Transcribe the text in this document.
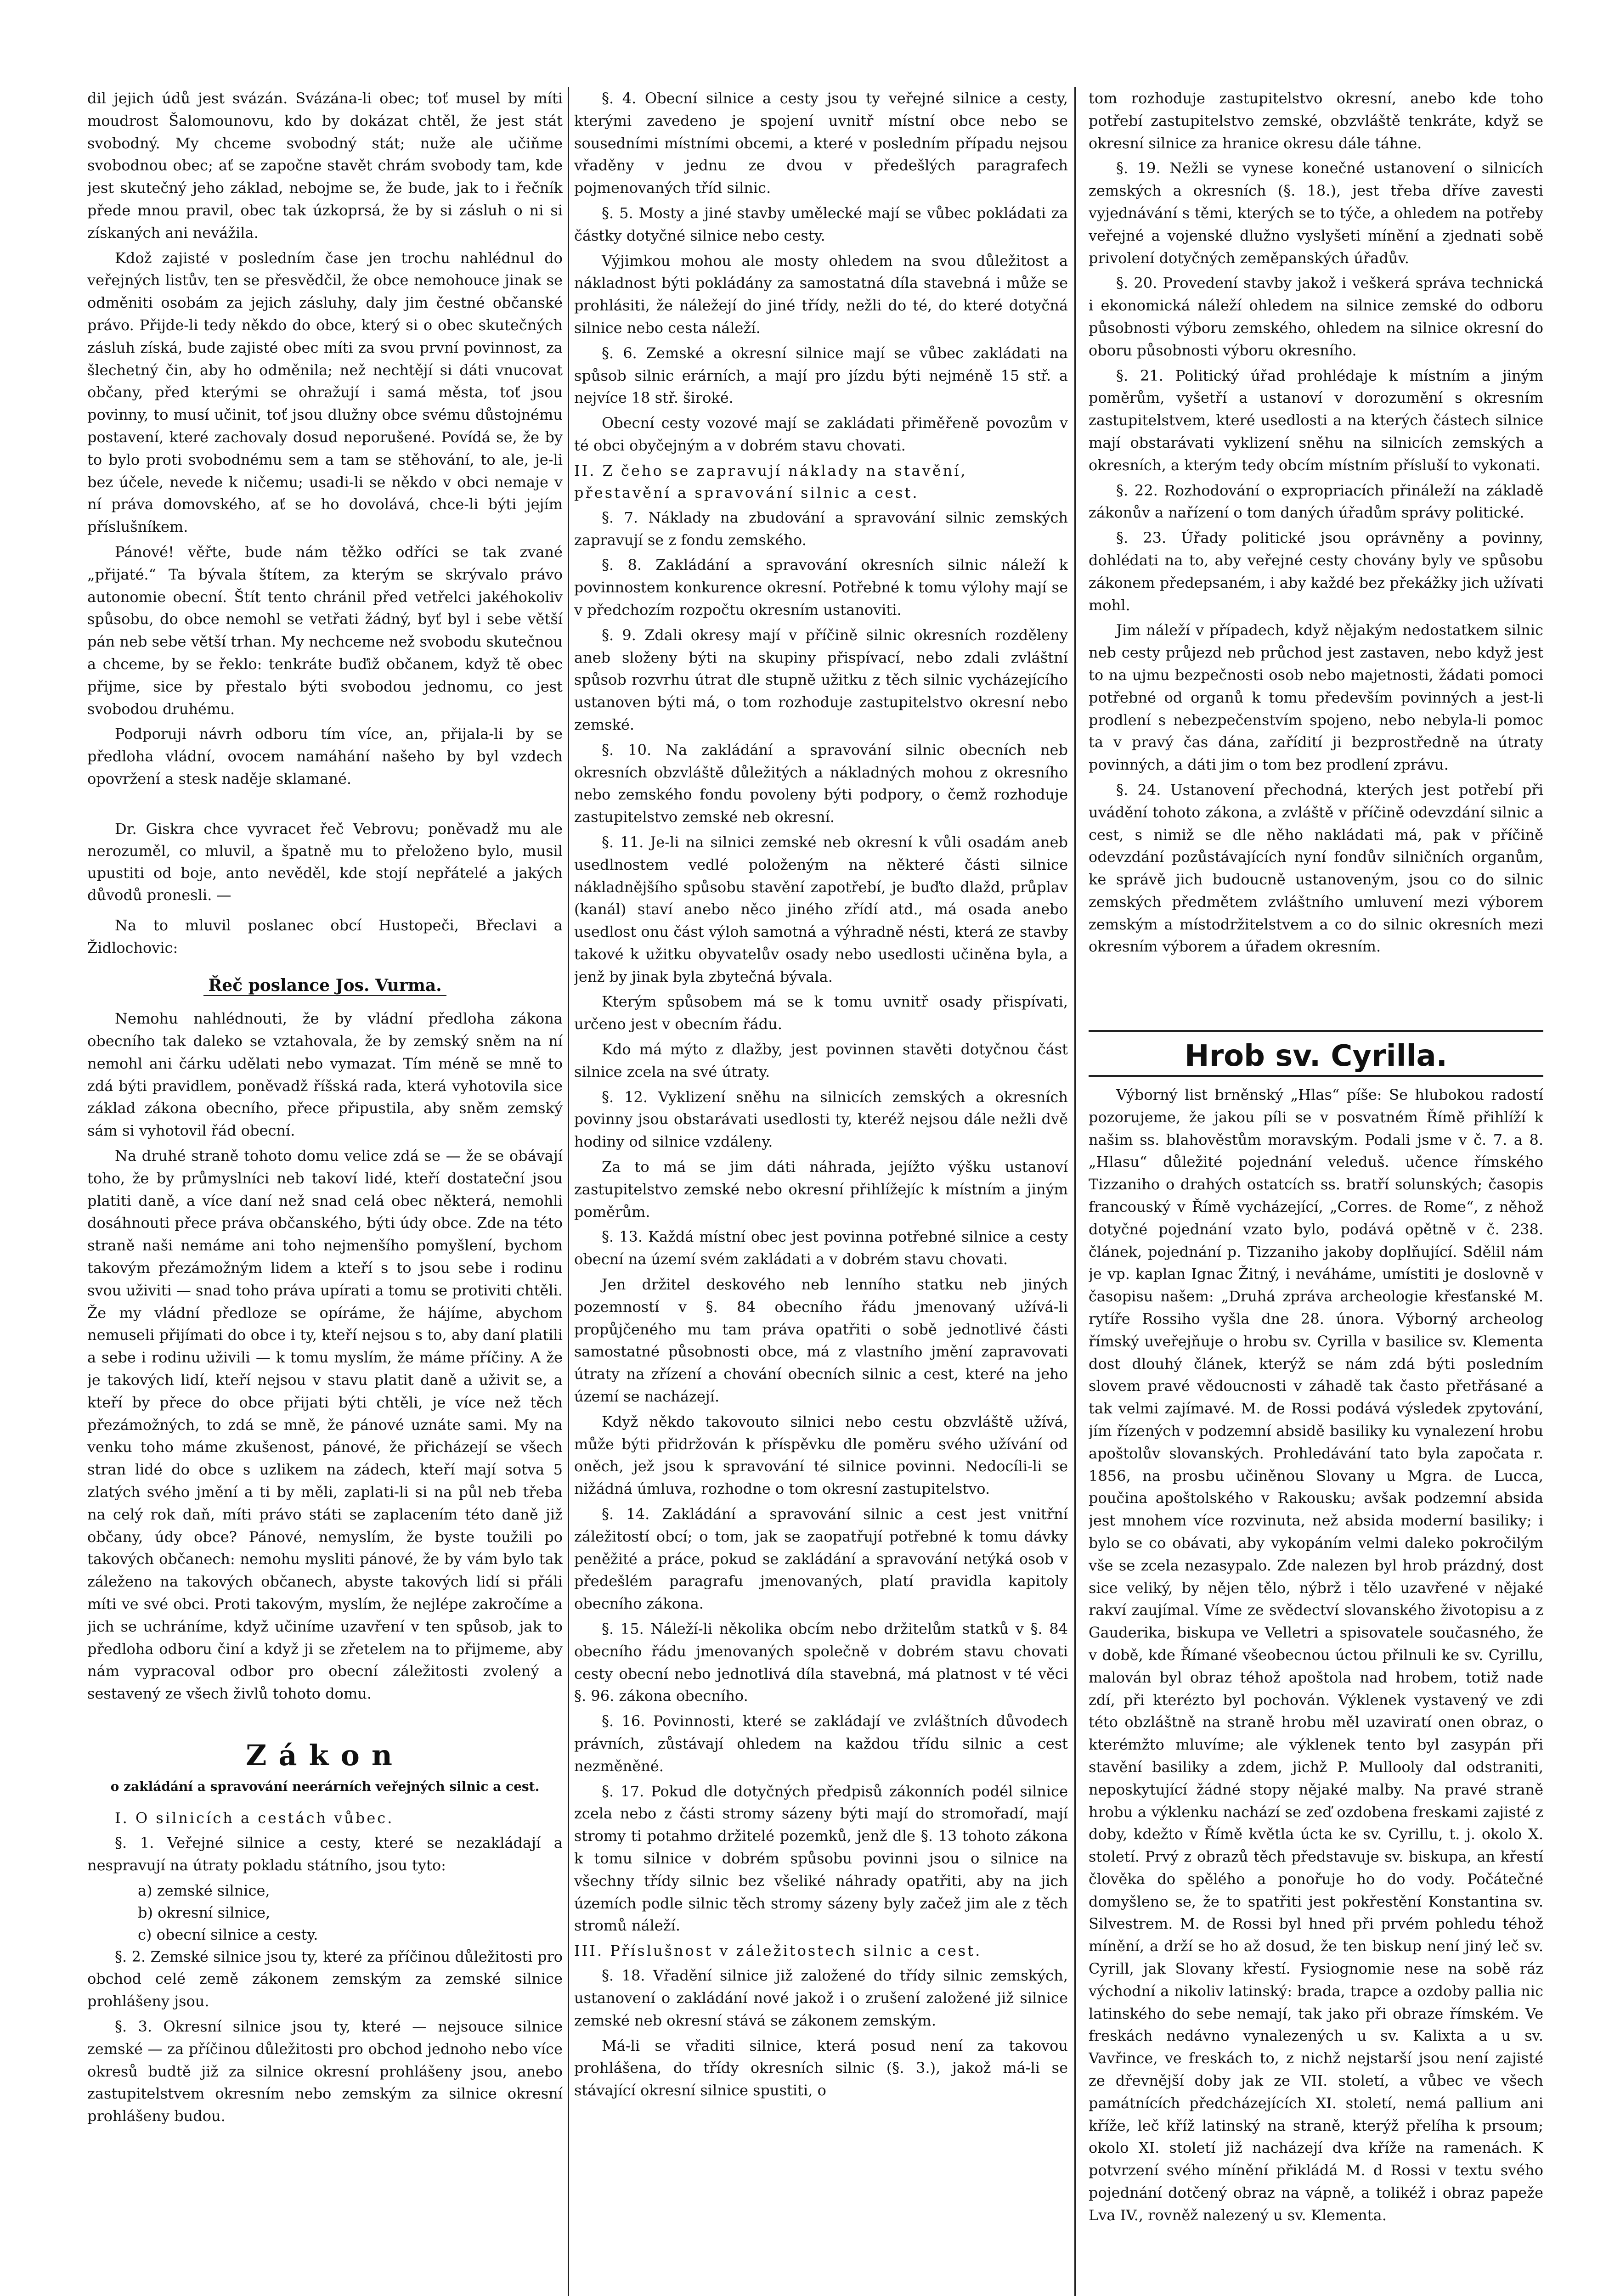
dil jejich údů jest svázán. Svázána-li obec; toť musel by míti moudrost Šalomounovu, kdo by dokázat chtěl, že jest stát svobodný. My chceme svobodný stát; nuže ale učiňme svobodnou obec; ať se započne stavět chrám svobody tam, kde jest skutečný jeho základ, nebojme se, že bude, jak to i řečník přede mnou pravil, obec tak úzkoprsá, že by si zásluh o ni si získaných ani nevážila.

Kdož zajisté v posledním čase jen trochu nahlédnul do veřejných listův, ten se přesvědčil, že obce nemohouce jinak se odměniti osobám za jejich zásluhy, daly jim čestné občanské právo. Přijde-li tedy někdo do obce, který si o obec skutečných zásluh získá, bude zajisté obec míti za svou první povinnost, za šlechetný čin, aby ho odměnila; než nechtějí si dáti vnucovat občany, před kterými se ohražují i samá města, toť jsou povinny, to musí učinit, toť jsou dlužny obce svému důstojnému postavení, které zachovaly dosud neporušené. Povídá se, že by to bylo proti svobodnému sem a tam se stěhování, to ale, je-li bez účele, nevede k ničemu; usadi-li se někdo v obci nemaje v ní práva domovského, ať se ho dovolává, chce-li býti jejím příslušníkem.

Pánové! věřte, bude nám těžko odříci se tak zvané „přijaté.“ Ta bývala štítem, za kterým se skrývalo právo autonomie obecní. Štít tento chránil před vetřelci jakéhokoliv spůsobu, do obce nemohl se vetřati žádný, byť byl i sebe větší pán neb sebe větší trhan. My nechceme než svobodu skutečnou a chceme, by se řeklo: tenkráte buďiž občanem, když tě obec přijme, sice by přestalo býti svobodou jednomu, co jest svobodou druhému.

Podporuji návrh odboru tím více, an, přijala-li by se předloha vládní, ovocem namáhání našeho by byl vzdech opovržení a stesk naděje sklamané.

Dr. Giskra chce vyvracet řeč Vebrovu; poněvadž mu ale nerozuměl, co mluvil, a špatně mu to přeloženo bylo, musil upustiti od boje, anto nevěděl, kde stojí nepřátelé a jakých důvodů pronesli. —

Na to mluvil poslanec obcí Hustopeči, Břeclavi a Židlochovic:

Řeč poslance Jos. Vurma.

Nemohu nahlédnouti, že by vládní předloha zákona obecního tak daleko se vztahovala, že by zemský sněm na ní nemohl ani čárku udělati nebo vymazat. Tím méně se mně to zdá býti pravidlem, poněvadž říšská rada, která vyhotovila sice základ zákona obecního, přece připustila, aby sněm zemský sám si vyhotovil řád obecní.

Na druhé straně tohoto domu velice zdá se — že se obávají toho, že by průmyslníci neb takoví lidé, kteří dostateční jsou platiti daně, a více daní než snad celá obec některá, nemohli dosáhnouti přece práva občanského, býti údy obce. Zde na této straně naši nemáme ani toho nejmenšího pomyšlení, bychom takovým přezámožným lidem a kteří s to jsou sebe i rodinu svou uživiti — snad toho práva upírati a tomu se protiviti chtěli. Že my vládní předloze se opíráme, že hájíme, abychom nemuseli přijímati do obce i ty, kteří nejsou s to, aby daní platili a sebe i rodinu uživili — k tomu myslím, že máme příčiny. A že je takových lidí, kteří nejsou v stavu platit daně a uživit se, a kteří by přece do obce přijati býti chtěli, je více než těch přezámožných, to zdá se mně, že pánové uznáte sami. My na venku toho máme zkušenost, pánové, že přicházejí se všech stran lidé do obce s uzlikem na zádech, kteří mají sotva 5 zlatých svého jmění a ti by měli, zaplati-li si na půl neb třeba na celý rok daň, míti právo státi se zaplacením této daně již občany, údy obce? Pánové, nemyslím, že byste toužili po takových občanech: nemohu mysliti pánové, že by vám bylo tak záleženo na takových občanech, abyste takových lidí si přáli míti ve své obci. Proti takovým, myslím, že nejlépe zakročíme a jich se uchráníme, když učiníme uzavření v ten spůsob, jak to předloha odboru činí a když ji se zřetelem na to přijmeme, aby nám vypracoval odbor pro obecní záležitosti zvolený a sestavený ze všech živlů tohoto domu.

Zákon
o zakládání a spravování neerárních veřejných silnic a cest.
I. O silnicích a cestách vůbec.

§. 1. Veřejné silnice a cesty, které se nezakládají a nespravují na útraty pokladu státního, jsou tyto:

a) zemské silnice,
b) okresní silnice,
c) obecní silnice a cesty.

§. 2. Zemské silnice jsou ty, které za příčinou důležitosti pro obchod celé země zákonem zemským za zemské silnice prohlášeny jsou.

§. 3. Okresní silnice jsou ty, které — nejsouce silnice zemské — za příčinou důležitosti pro obchod jednoho nebo více okresů budtě již za silnice okresní prohlášeny jsou, anebo zastupitelstvem okresním nebo zemským za silnice okresní prohlášeny budou.

§. 4. Obecní silnice a cesty jsou ty veřejné silnice a cesty, kterými zavedeno je spojení uvnitř místní obce nebo se sousedními místními obcemi, a které v posledním případu nejsou vřaděny v jednu ze dvou v předešlých paragrafech pojmenovaných tříd silnic.

§. 5. Mosty a jiné stavby umělecké mají se vůbec pokládati za částky dotyčné silnice nebo cesty.

Výjimkou mohou ale mosty ohledem na svou důležitost a nákladnost býti pokládány za samostatná díla stavebná i může se prohlásiti, že náležejí do jiné třídy, nežli do té, do které dotyčná silnice nebo cesta náleží.

§. 6. Zemské a okresní silnice mají se vůbec zakládati na spůsob silnic erárních, a mají pro jízdu býti nejméně 15 stř. a nejvíce 18 stř. široké.

Obecní cesty vozové mají se zakládati přiměřeně povozům v té obci obyčejným a v dobrém stavu chovati.

II. Z čeho se zapravují náklady na stavění, přestavění a spravování silnic a cest.

§. 7. Náklady na zbudování a spravování silnic zemských zapravují se z fondu zemského.

§. 8. Zakládání a spravování okresních silnic náleží k povinnostem konkurence okresní. Potřebné k tomu výlohy mají se v předchozím rozpočtu okresním ustanoviti.

§. 9. Zdali okresy mají v příčině silnic okresních rozděleny aneb složeny býti na skupiny přispívací, nebo zdali zvláštní spůsob rozvrhu útrat dle stupně užitku z těch silnic vycházejícího ustanoven býti má, o tom rozhoduje zastupitelstvo okresní nebo zemské.

§. 10. Na zakládání a spravování silnic obecních neb okresních obzvláště důležitých a nákladných mohou z okresního nebo zemského fondu povoleny býti podpory, o čemž rozhoduje zastupitelstvo zemské neb okresní.

§. 11. Je-li na silnici zemské neb okresní k vůli osadám aneb usedlnostem vedlé položeným na některé části silnice nákladnějšího spůsobu stavění zapotřebí, je buďto dlažd, průplav (kanál) staví anebo něco jiného zřídí atd., má osada anebo usedlost onu část výloh samotná a výhradně nésti, která ze stavby takové k užitku obyvatelův osady nebo usedlosti učiněna byla, a jenž by jinak byla zbytečná bývala.

Kterým spůsobem má se k tomu uvnitř osady přispívati, určeno jest v obecním řádu.

Kdo má mýto z dlažby, jest povinnen stavěti dotyčnou část silnice zcela na své útraty.

§. 12. Vyklizení sněhu na silnicích zemských a okresních povinny jsou obstarávati usedlosti ty, kteréž nejsou dále nežli dvě hodiny od silnice vzdáleny.

Za to má se jim dáti náhrada, jejížto výšku ustanoví zastupitelstvo zemské nebo okresní přihlížejíc k místním a jiným poměrům.

§. 13. Každá místní obec jest povinna potřebné silnice a cesty obecní na území svém zakládati a v dobrém stavu chovati.

Jen držitel deskového neb lenního statku neb jiných pozemností v §. 84 obecního řádu jmenovaný užívá-li propůjčeného mu tam práva opatřiti o sobě jednotlivé části samostatné působnosti obce, má z vlastního jmění zapravovati útraty na zřízení a chování obecních silnic a cest, které na jeho území se nacházejí.

Když někdo takovouto silnici nebo cestu obzvláště užívá, může býti přidržován k příspěvku dle poměru svého užívání od oněch, jež jsou k spravování té silnice povinni. Nedocíli-li se nižádná úmluva, rozhodne o tom okresní zastupitelstvo.

§. 14. Zakládání a spravování silnic a cest jest vnitřní záležitostí obcí; o tom, jak se zaopatřují potřebné k tomu dávky peněžité a práce, pokud se zakládání a spravování netýká osob v předešlém paragrafu jmenovaných, platí pravidla kapitoly obecního zákona.

§. 15. Náleží-li několika obcím nebo držitelům statků v §. 84 obecního řádu jmenovaných společně v dobrém stavu chovati cesty obecní nebo jednotlivá díla stavebná, má platnost v té věci §. 96. zákona obecního.

§. 16. Povinnosti, které se zakládají ve zvláštních důvodech právních, zůstávají ohledem na každou třídu silnic a cest nezměněné.

§. 17. Pokud dle dotyčných předpisů zákonních podél silnice zcela nebo z části stromy sázeny býti mají do stromořadí, mají stromy ti potahmo držitelé pozemků, jenž dle §. 13 tohoto zákona k tomu silnice v dobrém spůsobu povinni jsou o silnice na všechny třídy silnic bez všeliké náhrady opatřiti, aby na jich územích podle silnic těch stromy sázeny byly začež jim ale z těch stromů náleží.

III. Příslušnost v záležitostech silnic a cest.

§. 18. Vřadění silnice již založené do třídy silnic zemských, ustanovení o zakládání nové jakož i o zrušení založené již silnice zemské neb okresní stává se zákonem zemským.

Má-li se vřaditi silnice, která posud není za takovou prohlášena, do třídy okresních silnic (§. 3.), jakož má-li se stávající okresní silnice spustiti, o

tom rozhoduje zastupitelstvo okresní, anebo kde toho potřebí zastupitelstvo zemské, obzvláště tenkráte, když se okresní silnice za hranice okresu dále táhne.

§. 19. Nežli se vynese konečné ustanovení o silnicích zemských a okresních (§. 18.), jest třeba dříve zavesti vyjednávání s těmi, kterých se to týče, a ohledem na potřeby veřejné a vojenské dlužno vyslyšeti mínění a zjednati sobě privolení dotyčných zeměpanských úřadův.

§. 20. Provedení stavby jakož i veškerá správa technická i ekonomická náleží ohledem na silnice zemské do odboru působnosti výboru zemského, ohledem na silnice okresní do oboru působnosti výboru okresního.

§. 21. Politický úřad prohlédaje k místním a jiným poměrům, vyšetří a ustanoví v dorozumění s okresním zastupitelstvem, které usedlosti a na kterých částech silnice mají obstarávati vyklizení sněhu na silnicích zemských a okresních, a kterým tedy obcím místním přísluší to vykonati.

§. 22. Rozhodování o expropriacích přináleží na základě zákonův a nařízení o tom daných úřadům správy politické.

§. 23. Úřady politické jsou oprávněny a povinny, dohlédati na to, aby veřejné cesty chovány byly ve spůsobu zákonem předepsaném, i aby každé bez překážky jich užívati mohl.

Jim náleží v případech, když nějakým nedostatkem silnic neb cesty průjezd neb průchod jest zastaven, nebo když jest to na ujmu bezpečnosti osob nebo majetnosti, žádati pomoci potřebné od organů k tomu především povinných a jest-li prodlení s nebezpečenstvím spojeno, nebo nebyla-li pomoc ta v pravý čas dána, zařídití ji bezprostředně na útraty povinných, a dáti jim o tom bez prodlení zprávu.

§. 24. Ustanovení přechodná, kterých jest potřebí při uvádění tohoto zákona, a zvláště v příčině odevzdání silnic a cest, s nimiž se dle něho nakládati má, pak v příčině odevzdání pozůstávajících nyní fondův silničních organům, ke správě jich budoucně ustanoveným, jsou co do silnic zemských předmětem zvláštního umluvení mezi výborem zemským a místodržitelstvem a co do silnic okresních mezi okresním výborem a úřadem okresním.

Hrob sv. Cyrilla.

Výborný list brněnský „Hlas“ píše: Se hlubokou radostí pozorujeme, že jakou píli se v posvatném Římě přihlíží k našim ss. blahověstům moravským. Podali jsme v č. 7. a 8. „Hlasu“ důležité pojednání veleduš. učence římského Tizzaniho o drahých ostatcích ss. bratří solunských; časopis francouský v Římě vycházející, „Corres. de Rome“, z něhož dotyčné pojednání vzato bylo, podává opětně v č. 238. článek, pojednání p. Tizzaniho jakoby doplňující. Sdělil nám je vp. kaplan Ignac Žitný, i neváháme, umístiti je doslovně v časopisu našem: „Druhá zpráva archeologie křesťanské M. rytíře Rossiho vyšla dne 28. února. Výborný archeolog římský uveřejňuje o hrobu sv. Cyrilla v basilice sv. Klementa dost dlouhý článek, kterýž se nám zdá býti posledním slovem pravé vědoucnosti v záhadě tak často přetřásané a tak velmi zajímavé. M. de Rossi podává výsledek zpytování, jím řízených v podzemní absidě basiliky ku vynalezení hrobu apoštolův slovanských. Prohledávání tato byla započata r. 1856, na prosbu učiněnou Slovany u Mgra. de Lucca, poučina apoštolského v Rakousku; avšak podzemní absida jest mnohem více rozvinuta, než absida moderní basiliky; i bylo se co obávati, aby vykopáním velmi daleko pokročilým vše se zcela nezasypalo. Zde nalezen byl hrob prázdný, dost sice veliký, by nějen tělo, nýbrž i tělo uzavřené v nějaké rakví zaujímal. Víme ze svědectví slovanského životopisu a z Gauderika, biskupa ve Velletri a spisovatele současného, že v době, kde Římané všeobecnou úctou přilnuli ke sv. Cyrillu, malován byl obraz téhož apoštola nad hrobem, totiž nade zdí, při kterézto byl pochován. Výklenek vystavený ve zdi této obzláštně na straně hrobu měl uzaviratí onen obraz, o kterémžto mluvíme; ale výklenek tento byl zasypán při stavění basiliky a zdem, jichž P. Mullooly dal odstraniti, neposkytující žádné stopy nějaké malby. Na pravé straně hrobu a výklenku nachází se zeď ozdobena freskami zajisté z doby, kdežto v Římě květla úcta ke sv. Cyrillu, t. j. okolo X. století. Prvý z obrazů těch představuje sv. biskupa, an křestí člověka do spělého a ponořuje ho do vody. Počátečné domyšleno se, že to spatřiti jest pokřestění Konstantina sv. Silvestrem. M. de Rossi byl hned při prvém pohledu téhož mínění, a drží se ho až dosud, že ten biskup není jiný leč sv. Cyrill, jak Slovany křestí. Fysiognomie nese na sobě ráz východní a nikoliv latinský: brada, trapce a ozdoby pallia nic latinského do sebe nemají, tak jako při obraze římském. Ve freskách nedávno vynalezených u sv. Kalixta a u sv. Vavřince, ve freskách to, z nichž nejstarší jsou není zajisté ze dřevnější doby jak ze VII. století, a vůbec ve všech památnících předcházejících XI. století, nemá pallium ani kříže, leč kříž latinský na straně, kterýž přelíha k prsoum; okolo XI. století již nacházejí dva kříže na ramenách. K potvrzení svého mínění přikládá M. d Rossi v textu svého pojednání dotčený obraz na vápně, a tolikéž i obraz papeže Lva IV., rovněž nalezený u sv. Klementa.
